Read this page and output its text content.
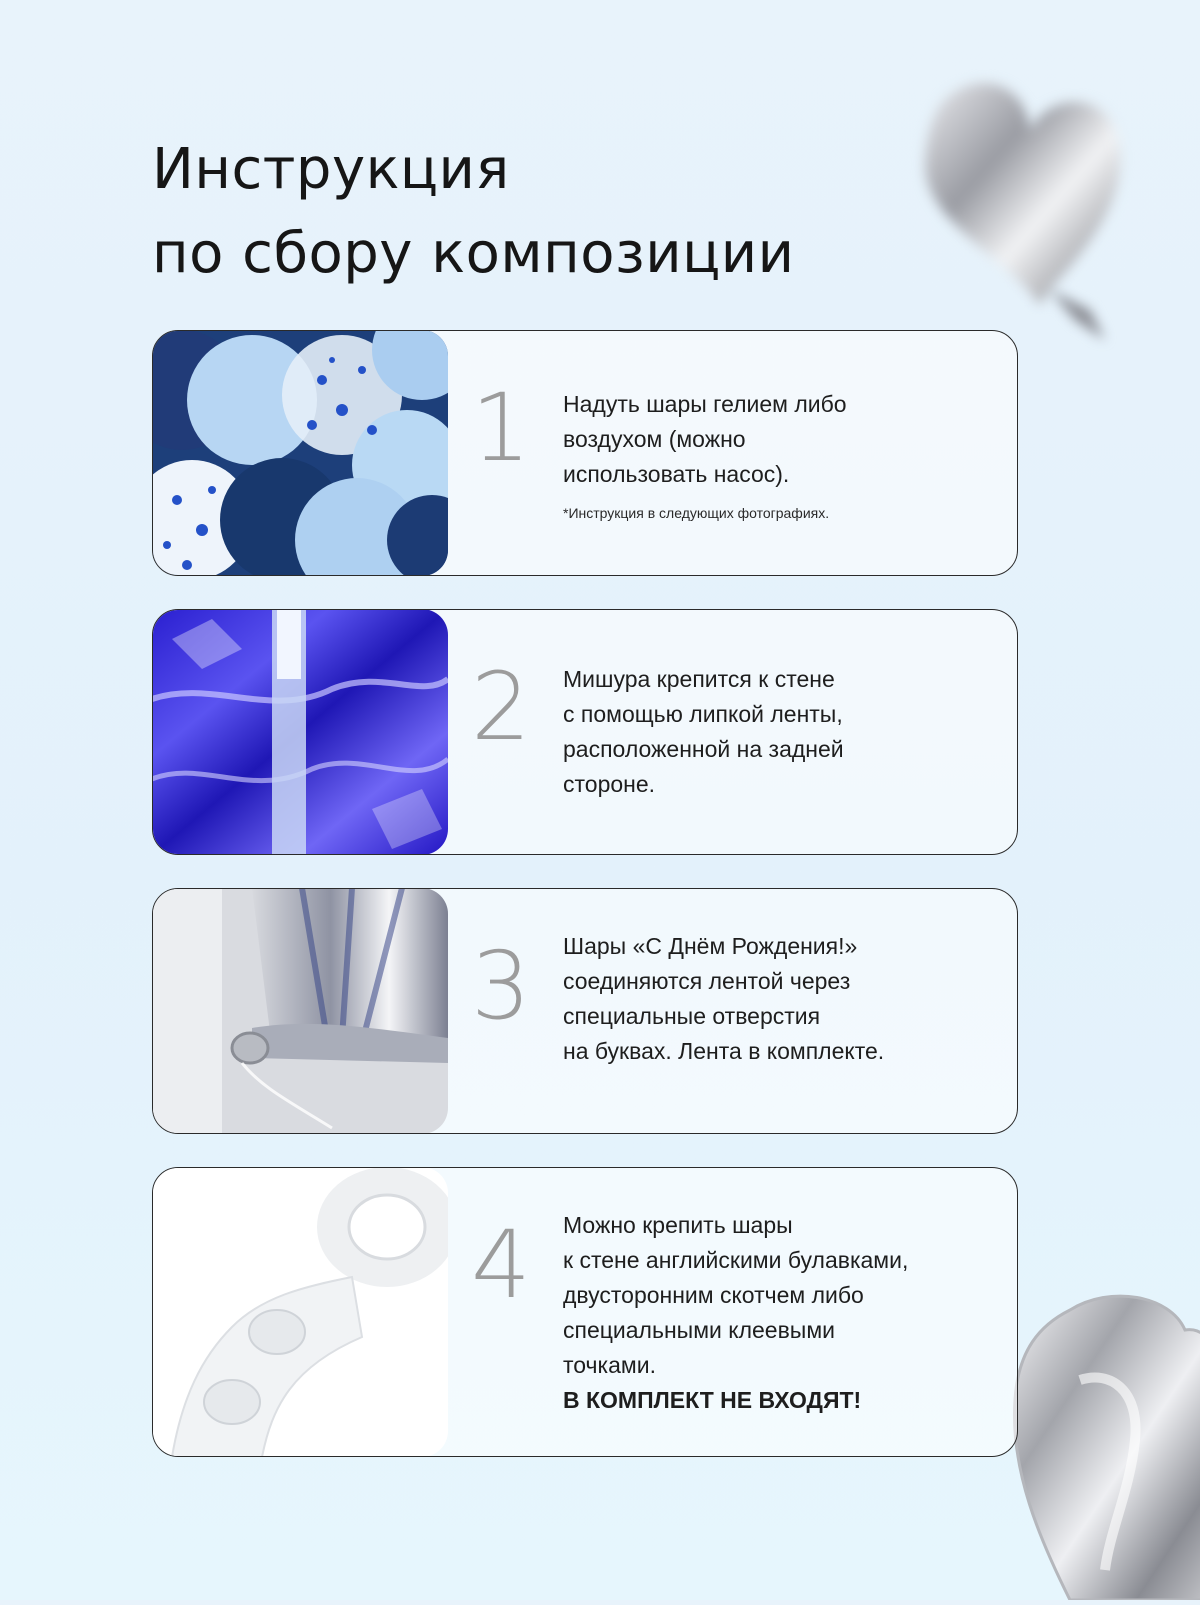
Инструкция
по сбору композиции
1 Надуть шары гелием либо

воздухом (можно

использовать насос).

*Инструкция в следующих фотографиях.

2 Мишура крепится к стене

с помощью липкой ленты,

расположенной на задней

стороне.

3 Шары «С Днём Рождения!»

соединяются лентой через

специальные отверстия

на буквах. Лента в комплекте.

4 Можно крепить шары

к стене английскими булавками,

двусторонним скотчем либо

специальными клеевыми

точками.

В КОМПЛЕКТ НЕ ВХОДЯТ!
